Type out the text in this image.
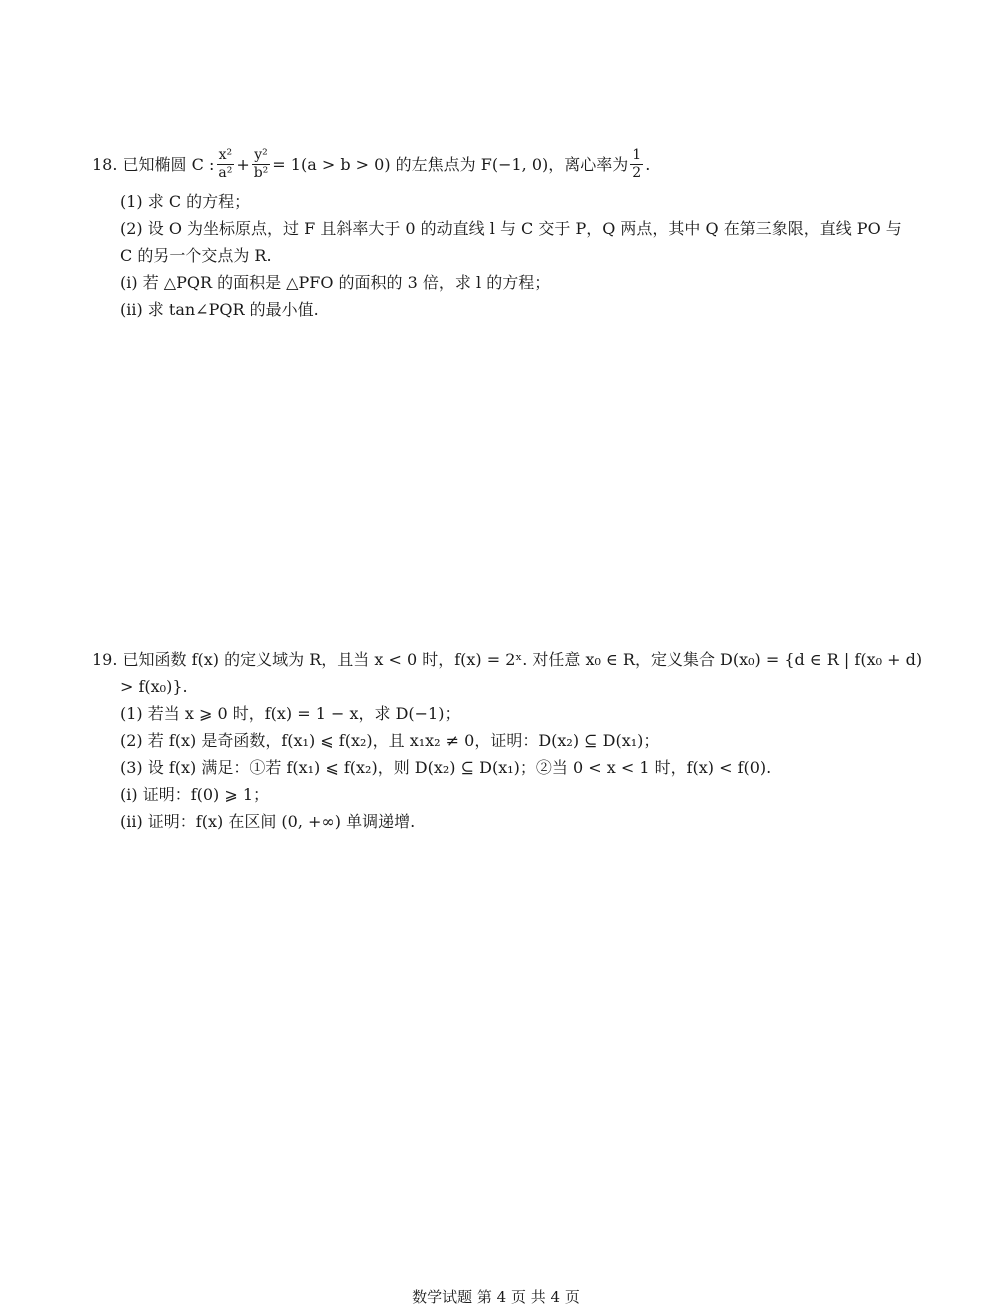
18. 已知椭圆 C : $\frac{\text{x²}}{\text{a²}} + \frac{\text{y²}}{\text{b²}} = 1(a > b > 0)$ 的左焦点为 F(−1, 0)，离心率为 $\frac{1}{2}$ .
(1) 求 C 的方程；
(2) 设 O 为坐标原点，过 F 且斜率大于 0 的动直线 l 与 C 交于 P，Q 两点，其中 Q 在第三象限，直线 PO 与
C 的另一个交点为 R.
(i) 若 △PQR 的面积是 △PFO 的面积的 3 倍，求 l 的方程；
(ii) 求 tan∠PQR 的最小值.
19. 已知函数 f(x) 的定义域为 R，且当 x < 0 时，f(x) = 2ˣ. 对任意 x₀ ∈ R，定义集合 D(x₀) = {d ∈ R | f(x₀ + d)
> f(x₀)}.
(1) 若当 x ⩾ 0 时，f(x) = 1 − x，求 D(−1)；
(2) 若 f(x) 是奇函数，f(x₁) ⩽ f(x₂)，且 x₁x₂ ≠ 0，证明：D(x₂) ⊆ D(x₁)；
(3) 设 f(x) 满足：①若 f(x₁) ⩽ f(x₂)，则 D(x₂) ⊆ D(x₁)；②当 0 < x < 1 时，f(x) < f(0).
(i) 证明：f(0) ⩾ 1；
(ii) 证明：f(x) 在区间 (0, +∞) 单调递增.
数学试题 第 4 页 共 4 页
